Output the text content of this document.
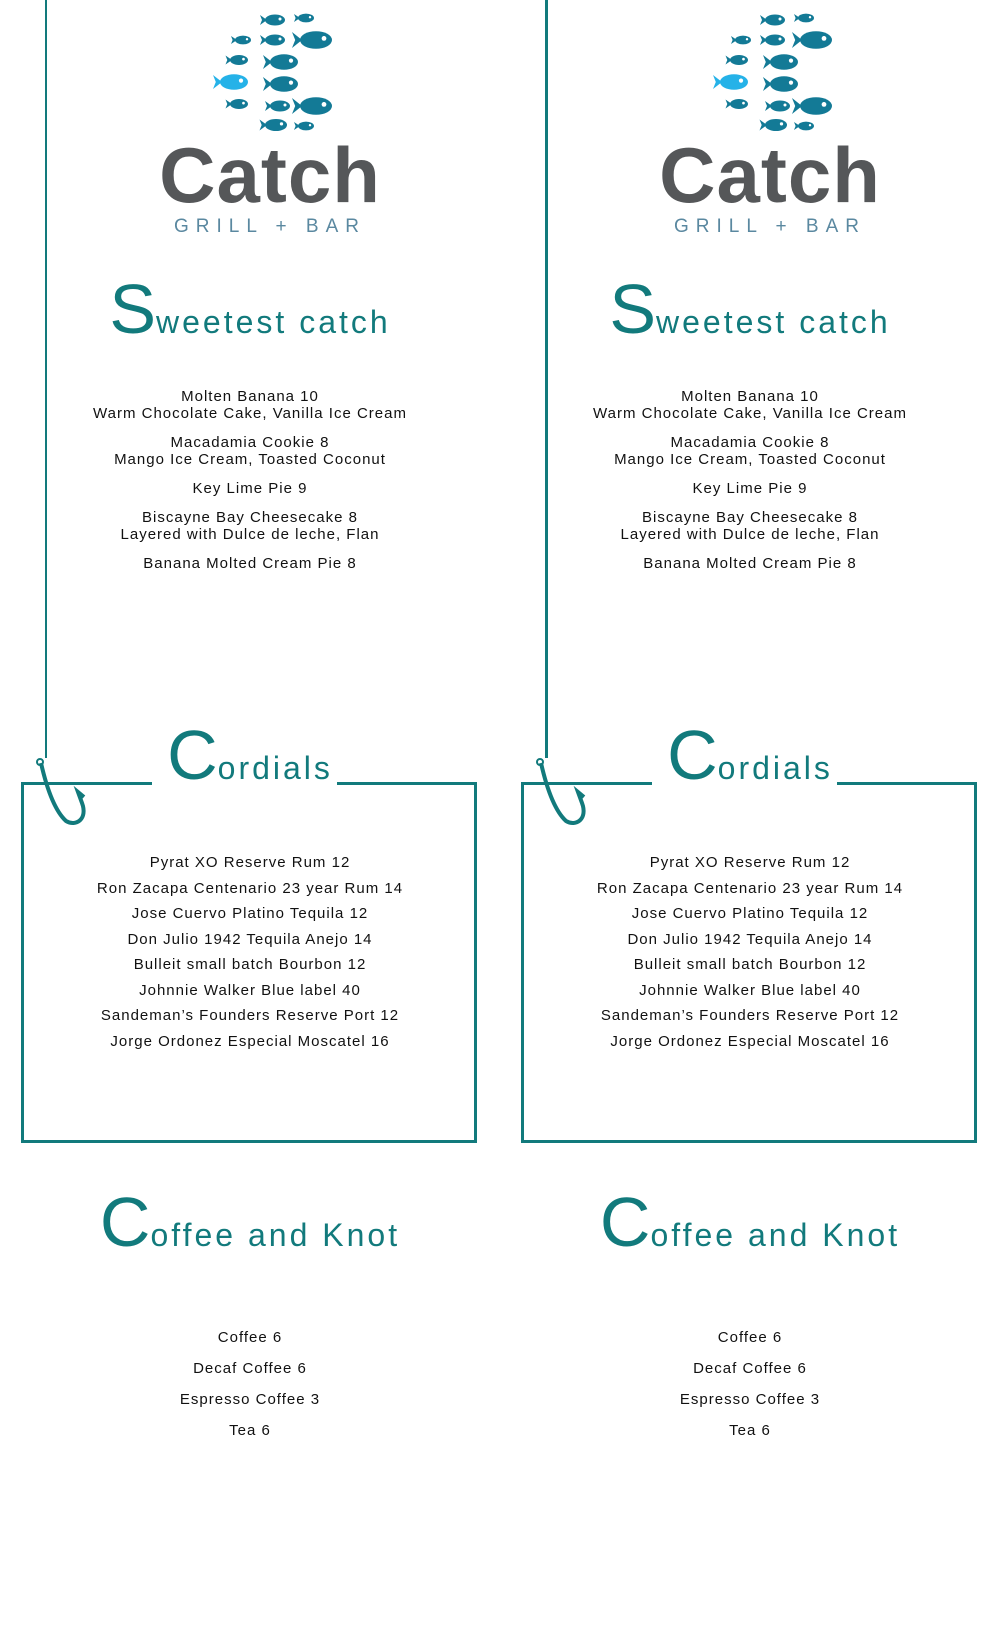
Catch
GRILL + BAR
Sweetest catch
Molten Banana 10
Warm Chocolate Cake, Vanilla Ice Cream
Macadamia Cookie 8
Mango Ice Cream, Toasted Coconut
Key Lime Pie 9
Biscayne Bay Cheesecake 8
Layered with Dulce de leche, Flan
Banana Molted Cream Pie 8
Cordials
Pyrat XO Reserve Rum 12
Ron Zacapa Centenario 23 year Rum 14
Jose Cuervo Platino Tequila 12
Don Julio 1942 Tequila Anejo 14
Bulleit small batch Bourbon 12
Johnnie Walker Blue label 40
Sandeman’s Founders Reserve Port 12
Jorge Ordonez Especial Moscatel 16
Coffee and Knot
Coffee 6
Decaf Coffee 6
Espresso Coffee 3
Tea 6
Catch
GRILL + BAR
Sweetest catch
Molten Banana 10
Warm Chocolate Cake, Vanilla Ice Cream
Macadamia Cookie 8
Mango Ice Cream, Toasted Coconut
Key Lime Pie 9
Biscayne Bay Cheesecake 8
Layered with Dulce de leche, Flan
Banana Molted Cream Pie 8
Cordials
Pyrat XO Reserve Rum 12
Ron Zacapa Centenario 23 year Rum 14
Jose Cuervo Platino Tequila 12
Don Julio 1942 Tequila Anejo 14
Bulleit small batch Bourbon 12
Johnnie Walker Blue label 40
Sandeman’s Founders Reserve Port 12
Jorge Ordonez Especial Moscatel 16
Coffee and Knot
Coffee 6
Decaf Coffee 6
Espresso Coffee 3
Tea 6
